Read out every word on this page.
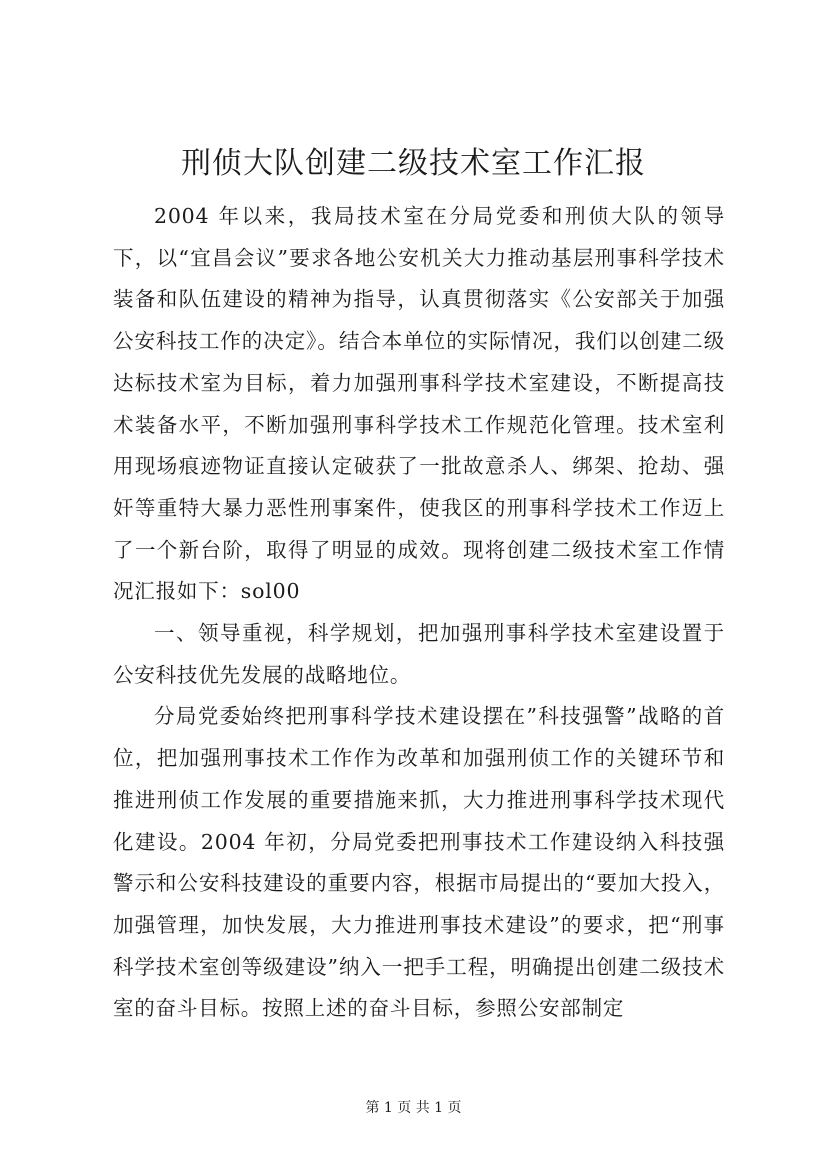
刑侦大队创建二级技术室工作汇报

2004 年以来，我局技术室在分局党委和刑侦大队的领导下，以“宜昌会议”要求各地公安机关大力推动基层刑事科学技术装备和队伍建设的精神为指导，认真贯彻落实《公安部关于加强公安科技工作的决定》。结合本单位的实际情况，我们以创建二级达标技术室为目标，着力加强刑事科学技术室建设，不断提高技术装备水平，不断加强刑事科学技术工作规范化管理。技术室利用现场痕迹物证直接认定破获了一批故意杀人、绑架、抢劫、强奸等重特大暴力恶性刑事案件，使我区的刑事科学技术工作迈上了一个新台阶，取得了明显的成效。现将创建二级技术室工作情况汇报如下：sol00

一、领导重视，科学规划，把加强刑事科学技术室建设置于公安科技优先发展的战略地位。

分局党委始终把刑事科学技术建设摆在”科技强警”战略的首位，把加强刑事技术工作作为改革和加强刑侦工作的关键环节和推进刑侦工作发展的重要措施来抓，大力推进刑事科学技术现代化建设。2004 年初，分局党委把刑事技术工作建设纳入科技强警示和公安科技建设的重要内容，根据市局提出的“要加大投入，加强管理，加快发展，大力推进刑事技术建设”的要求，把“刑事科学技术室创等级建设”纳入一把手工程，明确提出创建二级技术室的奋斗目标。按照上述的奋斗目标，参照公安部制定

第 1 页 共 1 页
